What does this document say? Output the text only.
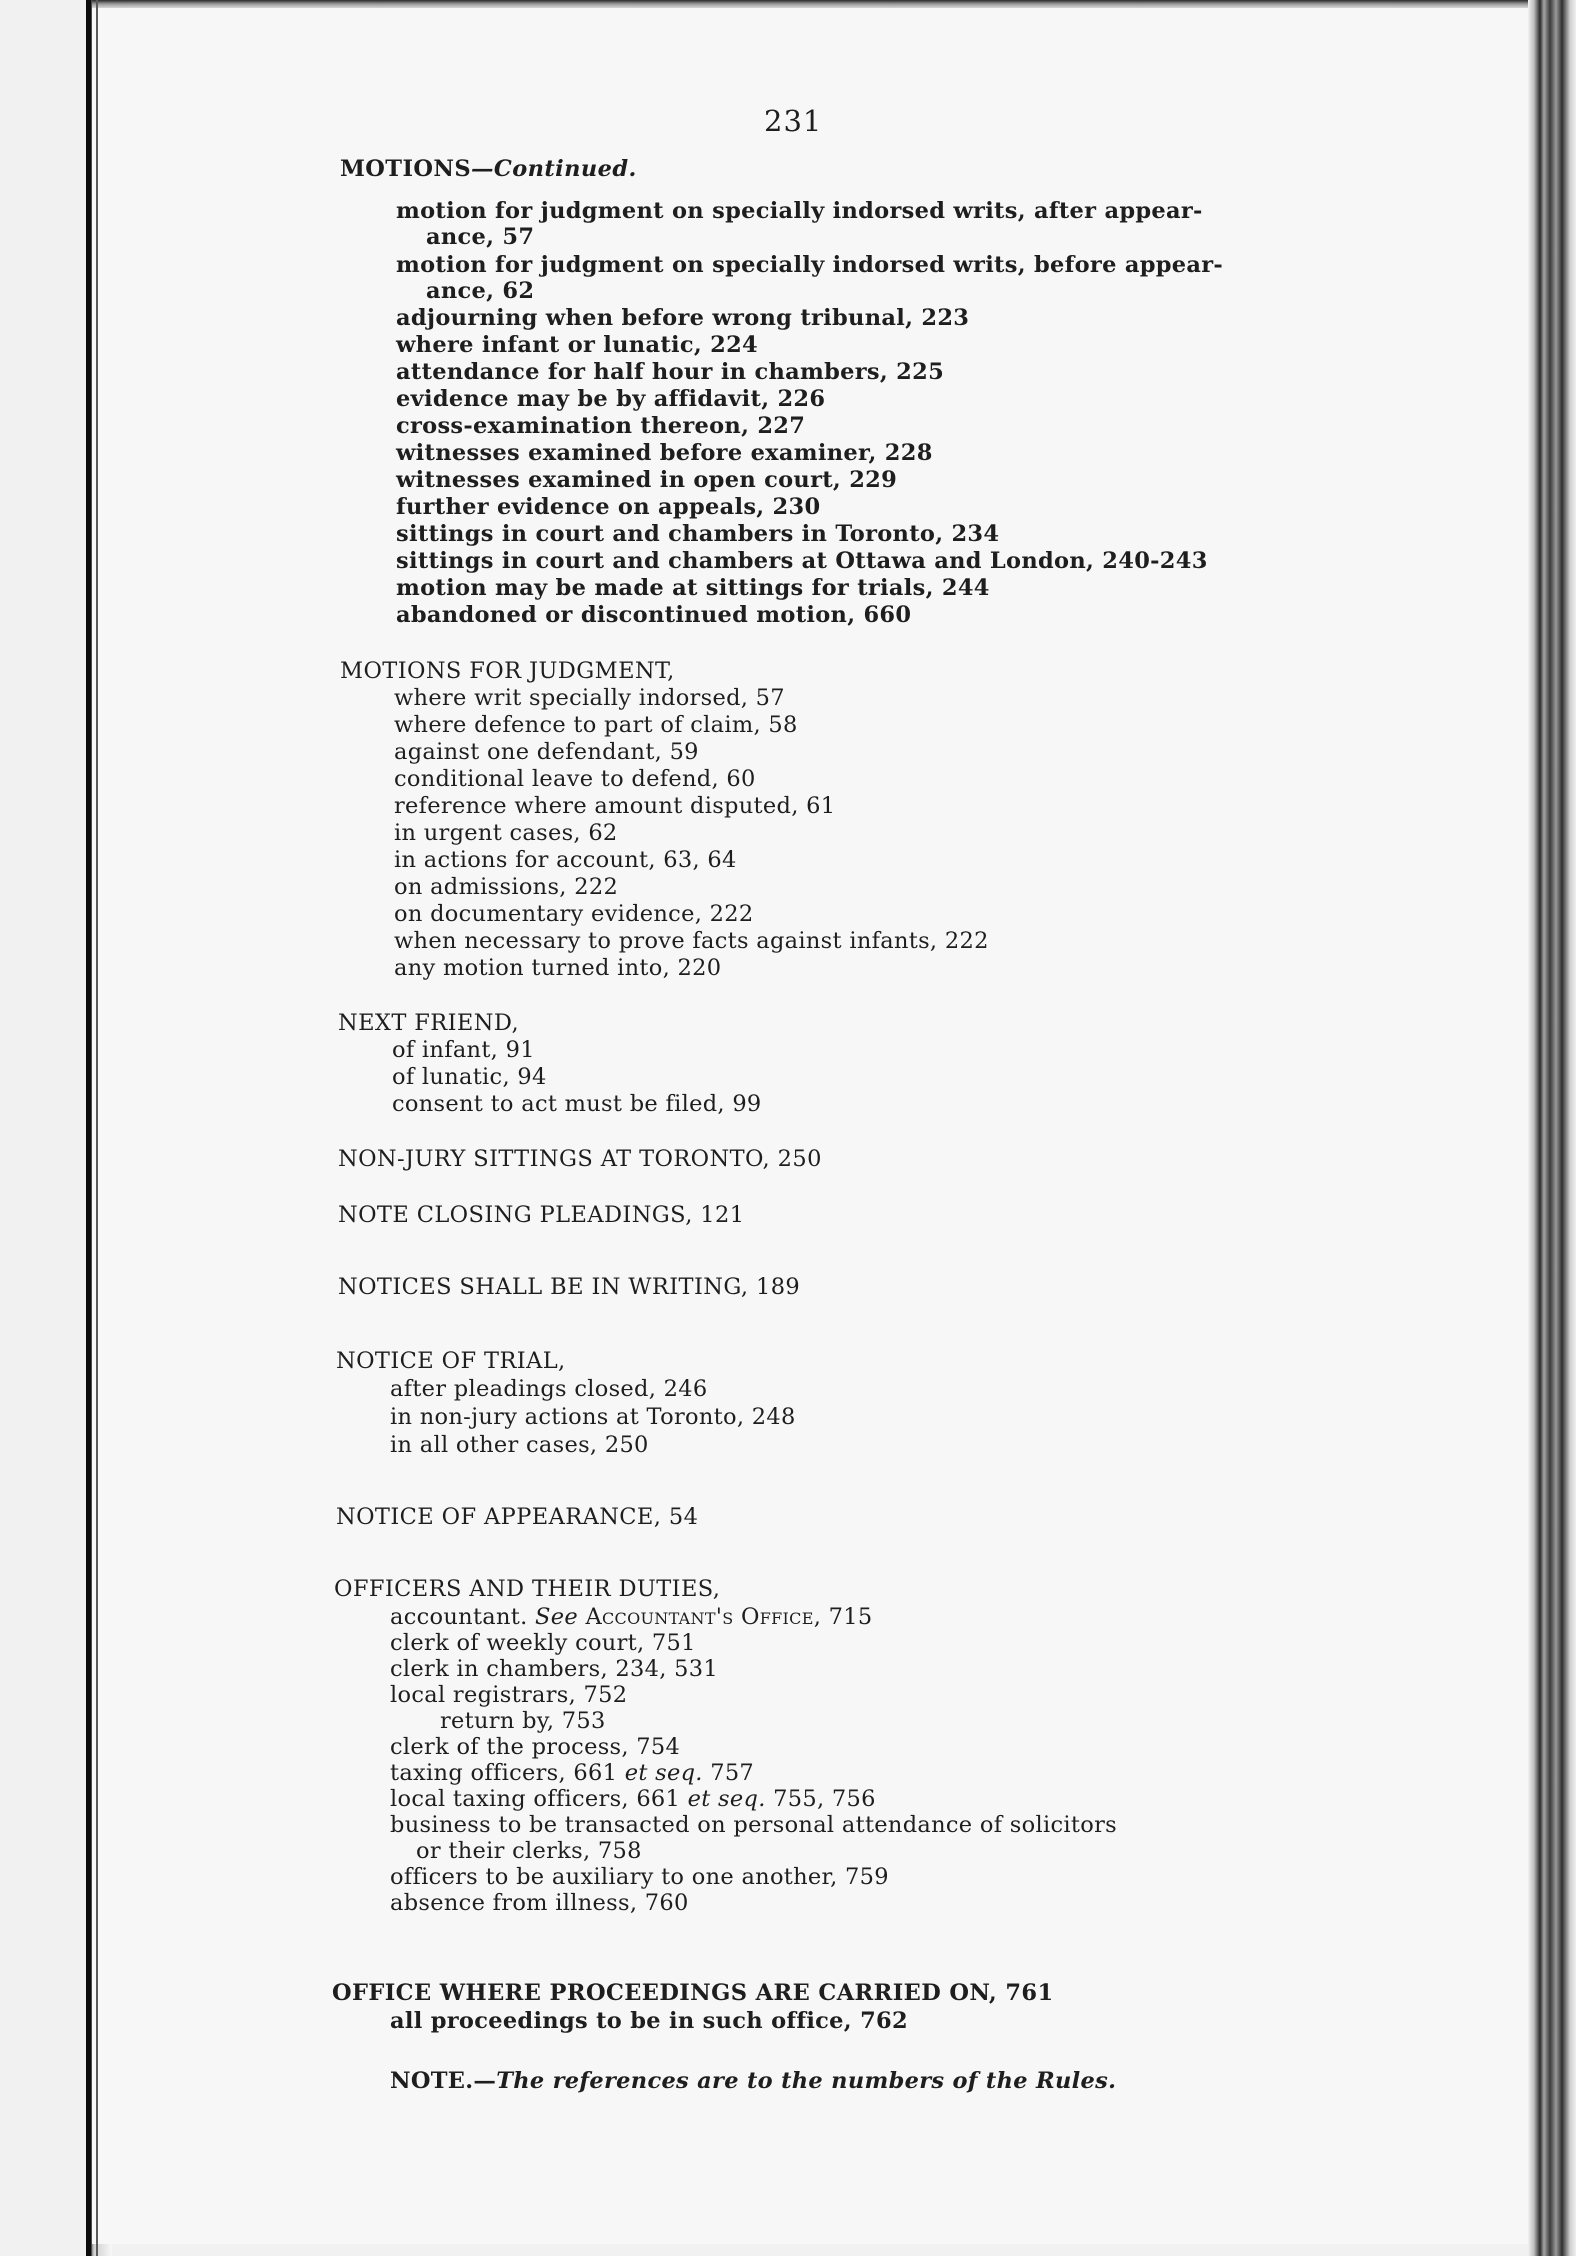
231
MOTIONS—Continued.
motion for judgment on specially indorsed writs, after appear-
ance, 57
motion for judgment on specially indorsed writs, before appear-
ance, 62
adjourning when before wrong tribunal, 223
where infant or lunatic, 224
attendance for half hour in chambers, 225
evidence may be by affidavit, 226
cross-examination thereon, 227
witnesses examined before examiner, 228
witnesses examined in open court, 229
further evidence on appeals, 230
sittings in court and chambers in Toronto, 234
sittings in court and chambers at Ottawa and London, 240-243
motion may be made at sittings for trials, 244
abandoned or discontinued motion, 660
MOTIONS FOR JUDGMENT,
where writ specially indorsed, 57
where defence to part of claim, 58
against one defendant, 59
conditional leave to defend, 60
reference where amount disputed, 61
in urgent cases, 62
in actions for account, 63, 64
on admissions, 222
on documentary evidence, 222
when necessary to prove facts against infants, 222
any motion turned into, 220
NEXT FRIEND,
of infant, 91
of lunatic, 94
consent to act must be filed, 99
NON-JURY SITTINGS AT TORONTO, 250
NOTE CLOSING PLEADINGS, 121
NOTICES SHALL BE IN WRITING, 189
NOTICE OF TRIAL,
after pleadings closed, 246
in non-jury actions at Toronto, 248
in all other cases, 250
NOTICE OF APPEARANCE, 54
OFFICERS AND THEIR DUTIES,
accountant. See Accountant's Office, 715
clerk of weekly court, 751
clerk in chambers, 234, 531
local registrars, 752
return by, 753
clerk of the process, 754
taxing officers, 661 et seq. 757
local taxing officers, 661 et seq. 755, 756
business to be transacted on personal attendance of solicitors
or their clerks, 758
officers to be auxiliary to one another, 759
absence from illness, 760
OFFICE WHERE PROCEEDINGS ARE CARRIED ON, 761
all proceedings to be in such office, 762
NOTE.—The references are to the numbers of the Rules.
